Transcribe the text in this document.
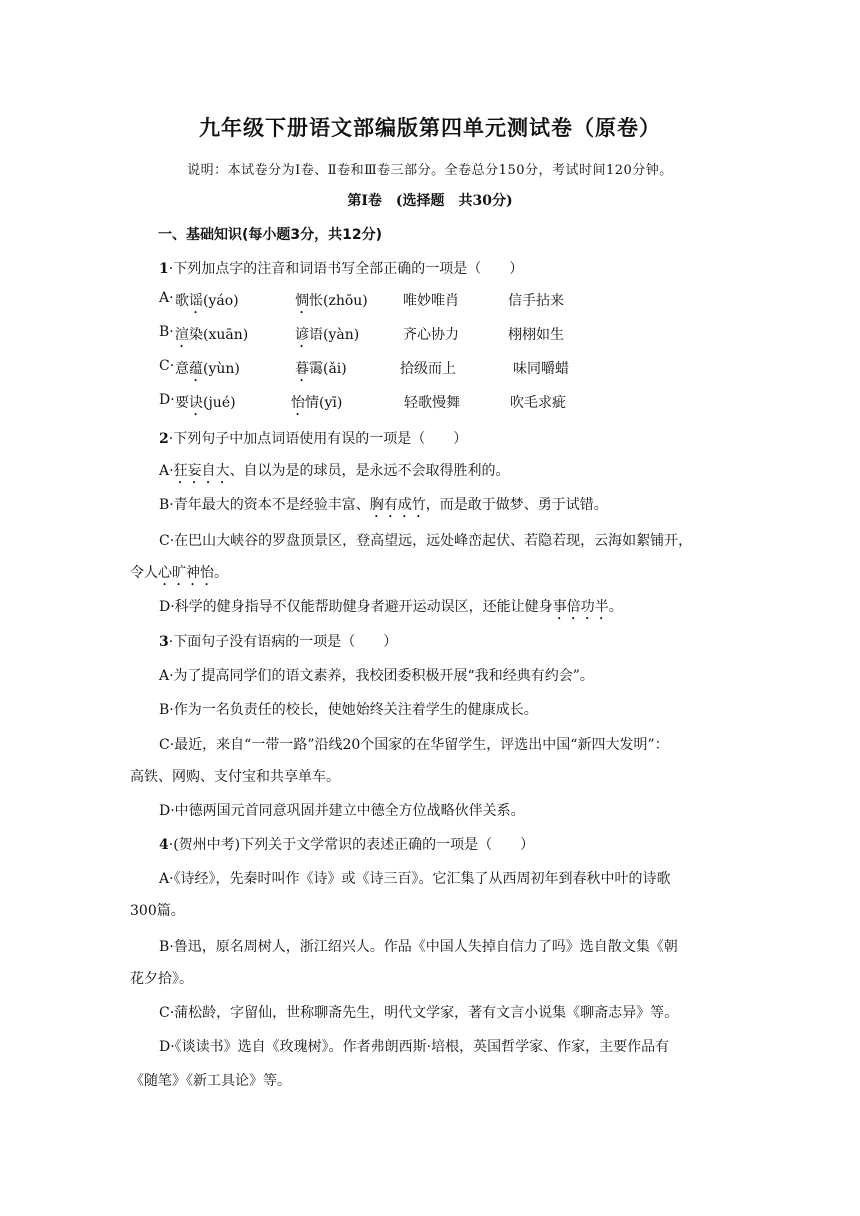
九年级下册语文部编版第四单元测试卷（原卷）
说明：本试卷分为Ⅰ卷、Ⅱ卷和Ⅲ卷三部分。全卷总分150分，考试时间120分钟。
第Ⅰ卷　(选择题　共30分)
一、基础知识(每小题3分，共12分)
1·下列加点字的注音和词语书写全部正确的一项是（　　）
A· 歌谣(yáo)	惆怅(zhōu)	唯妙唯肖	信手拈来
B· 渲染(xuān)	谚语(yàn)	齐心协力	栩栩如生
C· 意蕴(yùn)	暮霭(ǎi)	拾级而上	味同嚼蜡
D· 要诀(jué)	怡情(yī)	轻歌慢舞	吹毛求疵
2·下列句子中加点词语使用有误的一项是（　　）
A·狂妄自大、自以为是的球员，是永远不会取得胜利的。
B·青年最大的资本不是经验丰富、胸有成竹，而是敢于做梦、勇于试错。
C·在巴山大峡谷的罗盘顶景区，登高望远，远处峰峦起伏、若隐若现，云海如絮铺开，
令人心旷神怡。
D·科学的健身指导不仅能帮助健身者避开运动误区，还能让健身事倍功半。
3·下面句子没有语病的一项是（　　）
A·为了提高同学们的语文素养，我校团委积极开展“我和经典有约会”。
B·作为一名负责任的校长，使她始终关注着学生的健康成长。
C·最近，来自“一带一路”沿线20个国家的在华留学生，评选出中国“新四大发明”：
高铁、网购、支付宝和共享单车。
D·中德两国元首同意巩固并建立中德全方位战略伙伴关系。
4·(贺州中考)下列关于文学常识的表述正确的一项是（　　）
A·《诗经》，先秦时叫作《诗》或《诗三百》。它汇集了从西周初年到春秋中叶的诗歌
300篇。
B·鲁迅，原名周树人，浙江绍兴人。作品《中国人失掉自信力了吗》选自散文集《朝
花夕拾》。
C·蒲松龄，字留仙，世称聊斋先生，明代文学家，著有文言小说集《聊斋志异》等。
D·《谈读书》选自《玫瑰树》。作者弗朗西斯·培根，英国哲学家、作家，主要作品有
《随笔》《新工具论》等。
